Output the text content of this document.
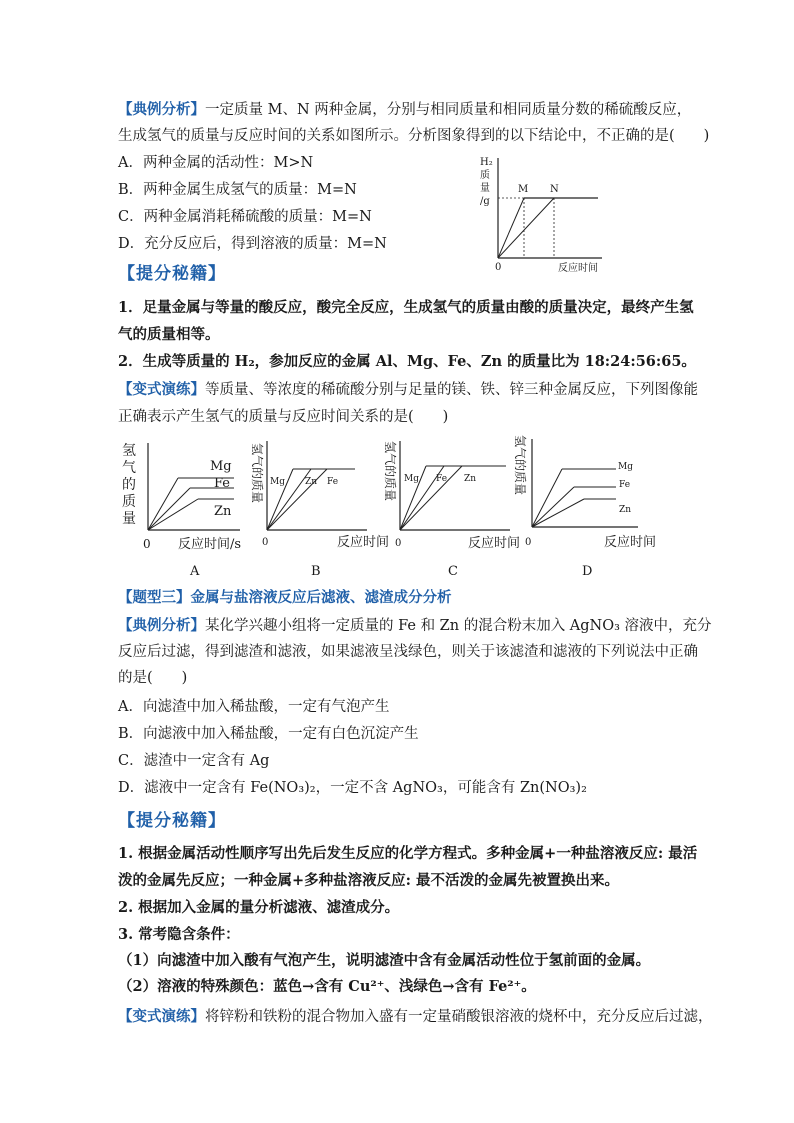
【典例分析】一定质量 M、N 两种金属，分别与相同质量和相同质量分数的稀硫酸反应，
生成氢气的质量与反应时间的关系如图所示。分析图象得到的以下结论中，不正确的是(　　)
A．两种金属的活动性：M>N
B．两种金属生成氢气的质量：M=N
C．两种金属消耗稀硫酸的质量：M=N
D．充分反应后，得到溶液的质量：M=N
H₂
质
量
/g
M N
0	反应时间
【提分秘籍】
1．足量金属与等量的酸反应，酸完全反应，生成氢气的质量由酸的质量决定，最终产生氢
气的质量相等。
2．生成等质量的 H₂，参加反应的金属 Al、Mg、Fe、Zn 的质量比为 18:24:56:65。
【变式演练】等质量、等浓度的稀硫酸分别与足量的镁、铁、锌三种金属反应，下列图像能
正确表示产生氢气的质量与反应时间关系的是(　　)
氢
气
的
质
量
Mg
Fe
Zn
0 反应时间/s
A
氢气的质量 Mg Zn Fe
0	反应时间
B
氢气的质量 Mg Fe Zn
0	反应时间
C
氢气的质量	Mg
Fe
Zn
0	反应时间
D
【题型三】金属与盐溶液反应后滤液、滤渣成分分析
【典例分析】某化学兴趣小组将一定质量的 Fe 和 Zn 的混合粉末加入 AgNO₃ 溶液中，充分
反应后过滤，得到滤渣和滤液，如果滤液呈浅绿色，则关于该滤渣和滤液的下列说法中正确
的是(　　)
A．向滤渣中加入稀盐酸，一定有气泡产生
B．向滤液中加入稀盐酸，一定有白色沉淀产生
C．滤渣中一定含有 Ag
D．滤液中一定含有 Fe(NO₃)₂，一定不含 AgNO₃，可能含有 Zn(NO₃)₂
【提分秘籍】
1. 根据金属活动性顺序写出先后发生反应的化学方程式。多种金属+一种盐溶液反应: 最活
泼的金属先反应；一种金属+多种盐溶液反应: 最不活泼的金属先被置换出来。
2. 根据加入金属的量分析滤液、滤渣成分。
3. 常考隐含条件：
（1）向滤渣中加入酸有气泡产生，说明滤渣中含有金属活动性位于氢前面的金属。
（2）溶液的特殊颜色：蓝色→含有 Cu²⁺、浅绿色→含有 Fe²⁺。
【变式演练】将锌粉和铁粉的混合物加入盛有一定量硝酸银溶液的烧杯中，充分反应后过滤，
